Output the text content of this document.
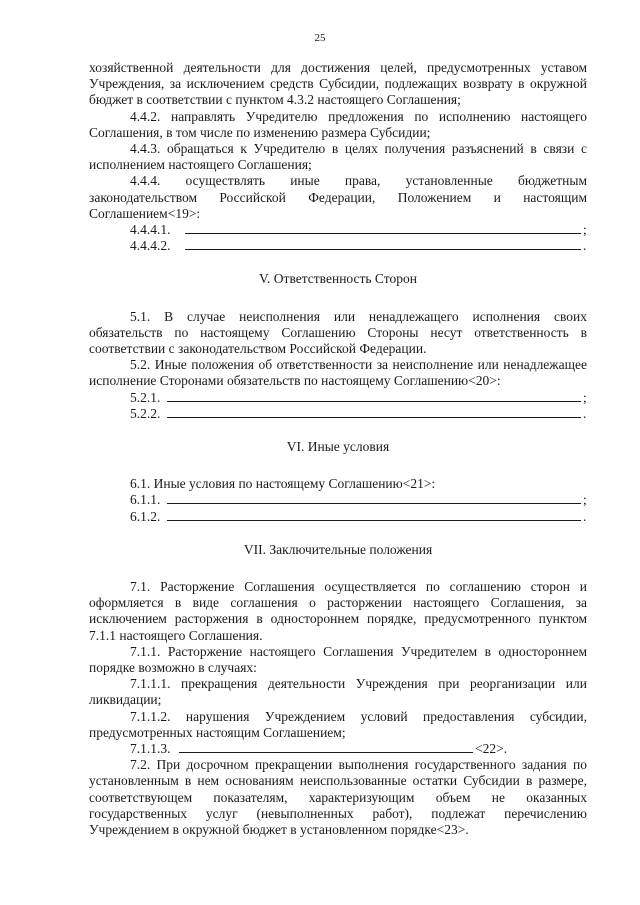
25

хозяйственной деятельности для достижения целей, предусмотренных уставом Учреждения, за исключением средств Субсидии, подлежащих возврату в окружной бюджет в соответствии с пунктом 4.3.2 настоящего Соглашения;

4.4.2. направлять Учредителю предложения по исполнению настоящего Соглашения, в том числе по изменению размера Субсидии;

4.4.3. обращаться к Учредителю в целях получения разъяснений в связи с исполнением настоящего Соглашения;

4.4.4. осуществлять иные права, установленные бюджетным законодательством Российской Федерации, Положением и настоящим Соглашением<19>:

4.4.4.1.	;
4.4.4.2.	.
V. Ответственность Сторон

5.1. В случае неисполнения или ненадлежащего исполнения своих обязательств по настоящему Соглашению Стороны несут ответственность в соответствии с законодательством Российской Федерации.

5.2. Иные положения об ответственности за неисполнение или ненадлежащее исполнение Сторонами обязательств по настоящему Соглашению<20>:

5.2.1.	;
5.2.2.	.
VI. Иные условия

6.1. Иные условия по настоящему Соглашению<21>:

6.1.1.	;
6.1.2.	.
VII. Заключительные положения

7.1. Расторжение Соглашения осуществляется по соглашению сторон и оформляется в виде соглашения о расторжении настоящего Соглашения, за исключением расторжения в одностороннем порядке, предусмотренного пунктом 7.1.1 настоящего Соглашения.

7.1.1. Расторжение настоящего Соглашения Учредителем в одностороннем порядке возможно в случаях:

7.1.1.1. прекращения деятельности Учреждения при реорганизации или ликвидации;

7.1.1.2. нарушения Учреждением условий предоставления субсидии, предусмотренных настоящим Соглашением;

7.1.1.3.	<22>.

7.2. При досрочном прекращении выполнения государственного задания по установленным в нем основаниям неиспользованные остатки Субсидии в размере, соответствующем показателям, характеризующим объем не оказанных государственных услуг (невыполненных работ), подлежат перечислению Учреждением в окружной бюджет в установленном порядке<23>.
